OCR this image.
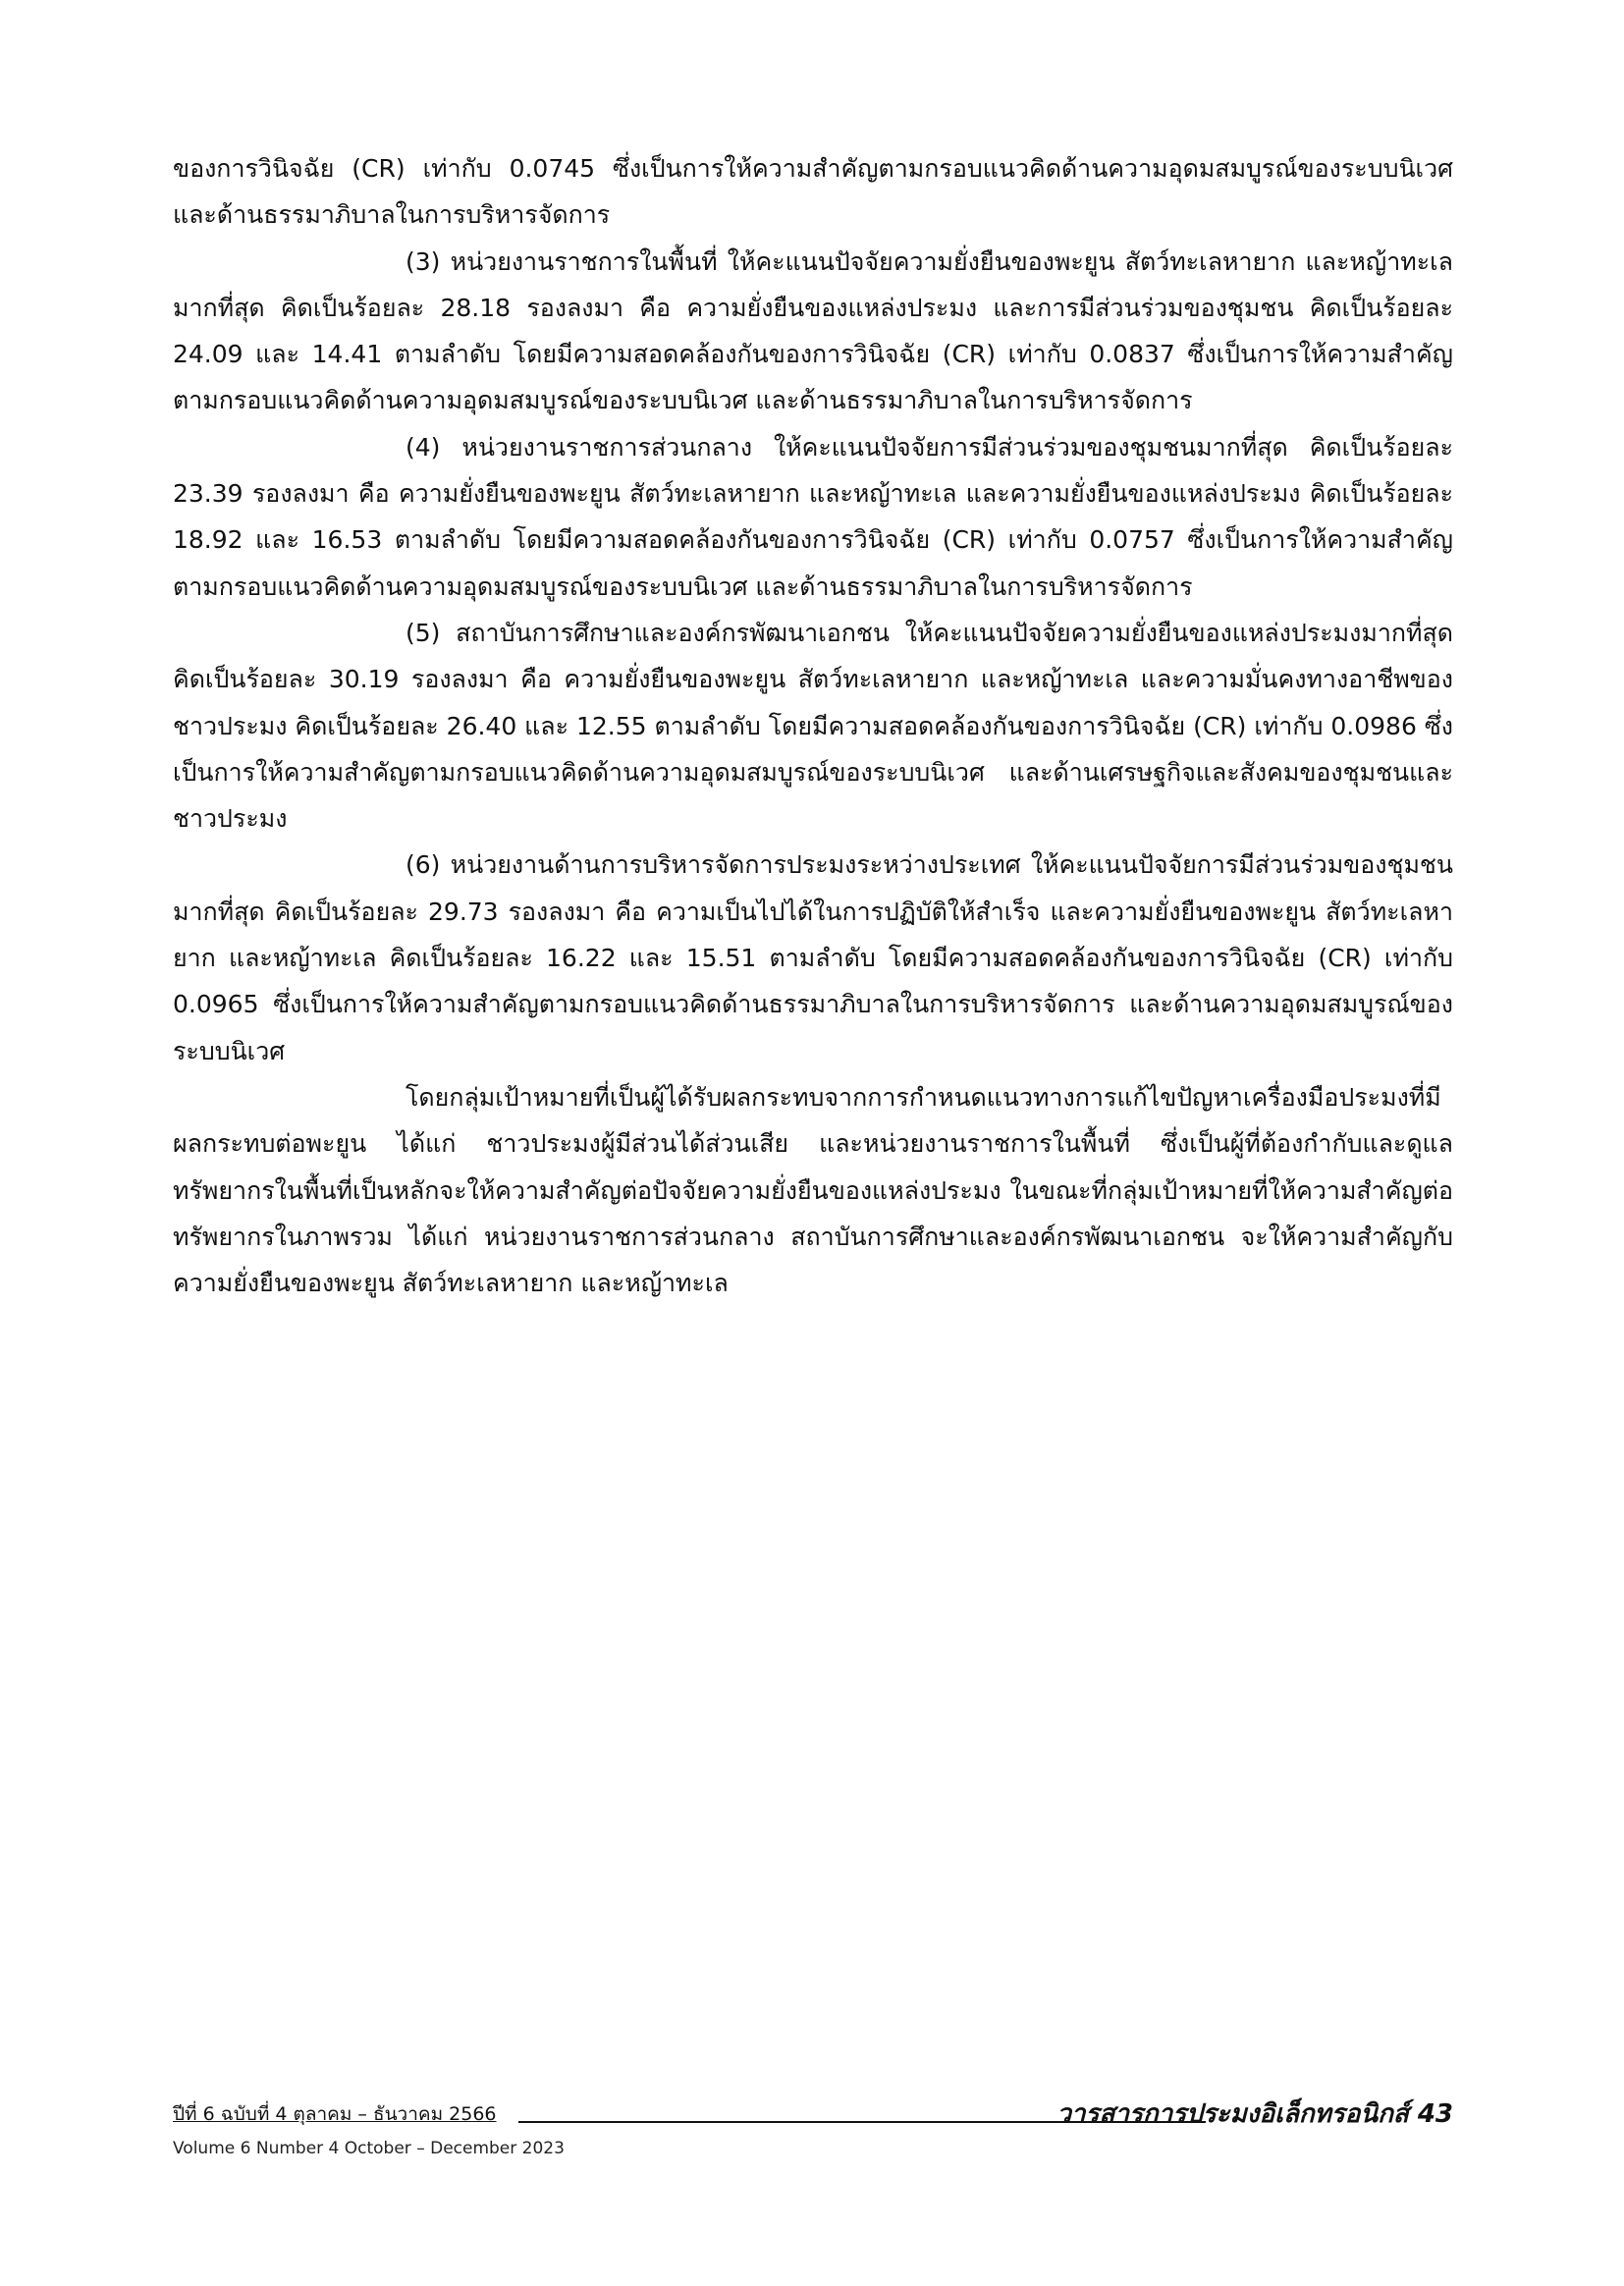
ของการวินิจฉัย (CR) เท่ากับ 0.0745 ซึ่งเป็นการให้ความสำคัญตามกรอบแนวคิดด้านความอุดมสมบูรณ์ของระบบนิเวศ และด้านธรรมาภิบาลในการบริหารจัดการ

(3) หน่วยงานราชการในพื้นที่ ให้คะแนนปัจจัยความยั่งยืนของพะยูน สัตว์ทะเลหายาก และหญ้าทะเลมากที่สุด คิดเป็นร้อยละ 28.18 รองลงมา คือ ความยั่งยืนของแหล่งประมง และการมีส่วนร่วมของชุมชน คิดเป็นร้อยละ 24.09 และ 14.41 ตามลำดับ โดยมีความสอดคล้องกันของการวินิจฉัย (CR) เท่ากับ 0.0837 ซึ่งเป็นการให้ความสำคัญตามกรอบแนวคิดด้านความอุดมสมบูรณ์ของระบบนิเวศ และด้านธรรมาภิบาลในการบริหารจัดการ

(4) หน่วยงานราชการส่วนกลาง ให้คะแนนปัจจัยการมีส่วนร่วมของชุมชนมากที่สุด คิดเป็นร้อยละ 23.39 รองลงมา คือ ความยั่งยืนของพะยูน สัตว์ทะเลหายาก และหญ้าทะเล และความยั่งยืนของแหล่งประมง คิดเป็นร้อยละ 18.92 และ 16.53 ตามลำดับ โดยมีความสอดคล้องกันของการวินิจฉัย (CR) เท่ากับ 0.0757 ซึ่งเป็นการให้ความสำคัญตามกรอบแนวคิดด้านความอุดมสมบูรณ์ของระบบนิเวศ และด้านธรรมาภิบาลในการบริหารจัดการ

(5) สถาบันการศึกษาและองค์กรพัฒนาเอกชน ให้คะแนนปัจจัยความยั่งยืนของแหล่งประมงมากที่สุด คิดเป็นร้อยละ 30.19 รองลงมา คือ ความยั่งยืนของพะยูน สัตว์ทะเลหายาก และหญ้าทะเล และความมั่นคงทางอาชีพของชาวประมง คิดเป็นร้อยละ 26.40 และ 12.55 ตามลำดับ โดยมีความสอดคล้องกันของการวินิจฉัย (CR) เท่ากับ 0.0986 ซึ่งเป็นการให้ความสำคัญตามกรอบแนวคิดด้านความอุดมสมบูรณ์ของระบบนิเวศ และด้านเศรษฐกิจและสังคมของชุมชนและชาวประมง

(6) หน่วยงานด้านการบริหารจัดการประมงระหว่างประเทศ ให้คะแนนปัจจัยการมีส่วนร่วมของชุมชนมากที่สุด คิดเป็นร้อยละ 29.73 รองลงมา คือ ความเป็นไปได้ในการปฏิบัติให้สำเร็จ และความยั่งยืนของพะยูน สัตว์ทะเลหายาก และหญ้าทะเล คิดเป็นร้อยละ 16.22 และ 15.51 ตามลำดับ โดยมีความสอดคล้องกันของการวินิจฉัย (CR) เท่ากับ 0.0965 ซึ่งเป็นการให้ความสำคัญตามกรอบแนวคิดด้านธรรมาภิบาลในการบริหารจัดการ และด้านความอุดมสมบูรณ์ของระบบนิเวศ

โดยกลุ่มเป้าหมายที่เป็นผู้ได้รับผลกระทบจากการกำหนดแนวทางการแก้ไขปัญหาเครื่องมือประมงที่มีผลกระทบต่อพะยูน ได้แก่ ชาวประมงผู้มีส่วนได้ส่วนเสีย และหน่วยงานราชการในพื้นที่ ซึ่งเป็นผู้ที่ต้องกำกับและดูแลทรัพยากรในพื้นที่เป็นหลักจะให้ความสำคัญต่อปัจจัยความยั่งยืนของแหล่งประมง ในขณะที่กลุ่มเป้าหมายที่ให้ความสำคัญต่อทรัพยากรในภาพรวม ได้แก่ หน่วยงานราชการส่วนกลาง สถาบันการศึกษาและองค์กรพัฒนาเอกชน จะให้ความสำคัญกับความยั่งยืนของพะยูน สัตว์ทะเลหายาก และหญ้าทะเล

ปีที่ 6 ฉบับที่ 4 ตุลาคม – ธันวาคม 2566	วารสารการประมงอิเล็กทรอนิกส์ 43
Volume 6 Number 4 October – December 2023
